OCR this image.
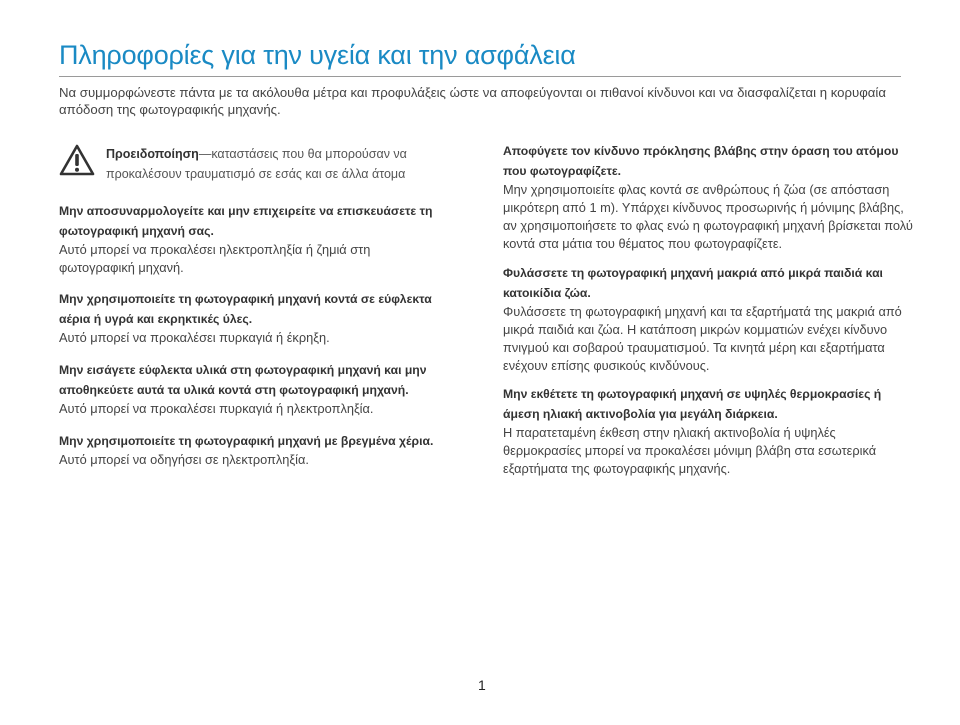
Πληροφορίες για την υγεία και την ασφάλεια
Να συμμορφώνεστε πάντα με τα ακόλουθα μέτρα και προφυλάξεις ώστε να αποφεύγονται οι πιθανοί κίνδυνοι και να διασφαλίζεται η κορυφαία απόδοση της φωτογραφικής μηχανής.
Προειδοποίηση—καταστάσεις που θα μπορούσαν να προκαλέσουν τραυματισμό σε εσάς και σε άλλα άτομα
Μην αποσυναρμολογείτε και μην επιχειρείτε να επισκευάσετε τη φωτογραφική μηχανή σας.
Αυτό μπορεί να προκαλέσει ηλεκτροπληξία ή ζημιά στη φωτογραφική μηχανή.
Μην χρησιμοποιείτε τη φωτογραφική μηχανή κοντά σε εύφλεκτα αέρια ή υγρά και εκρηκτικές ύλες.
Αυτό μπορεί να προκαλέσει πυρκαγιά ή έκρηξη.
Μην εισάγετε εύφλεκτα υλικά στη φωτογραφική μηχανή και μην αποθηκεύετε αυτά τα υλικά κοντά στη φωτογραφική μηχανή.
Αυτό μπορεί να προκαλέσει πυρκαγιά ή ηλεκτροπληξία.
Μην χρησιμοποιείτε τη φωτογραφική μηχανή με βρεγμένα χέρια.
Αυτό μπορεί να οδηγήσει σε ηλεκτροπληξία.
Αποφύγετε τον κίνδυνο πρόκλησης βλάβης στην όραση του ατόμου που φωτογραφίζετε.
Μην χρησιμοποιείτε φλας κοντά σε ανθρώπους ή ζώα (σε απόσταση μικρότερη από 1 m). Υπάρχει κίνδυνος προσωρινής ή μόνιμης βλάβης, αν χρησιμοποιήσετε το φλας ενώ η φωτογραφική μηχανή βρίσκεται πολύ κοντά στα μάτια του θέματος που φωτογραφίζετε.
Φυλάσσετε τη φωτογραφική μηχανή μακριά από μικρά παιδιά και κατοικίδια ζώα.
Φυλάσσετε τη φωτογραφική μηχανή και τα εξαρτήματά της μακριά από μικρά παιδιά και ζώα. Η κατάποση μικρών κομματιών ενέχει κίνδυνο πνιγμού και σοβαρού τραυματισμού. Τα κινητά μέρη και εξαρτήματα ενέχουν επίσης φυσικούς κινδύνους.
Μην εκθέτετε τη φωτογραφική μηχανή σε υψηλές θερμοκρασίες ή άμεση ηλιακή ακτινοβολία για μεγάλη διάρκεια.
Η παρατεταμένη έκθεση στην ηλιακή ακτινοβολία ή υψηλές θερμοκρασίες μπορεί να προκαλέσει μόνιμη βλάβη στα εσωτερικά εξαρτήματα της φωτογραφικής μηχανής.
1
